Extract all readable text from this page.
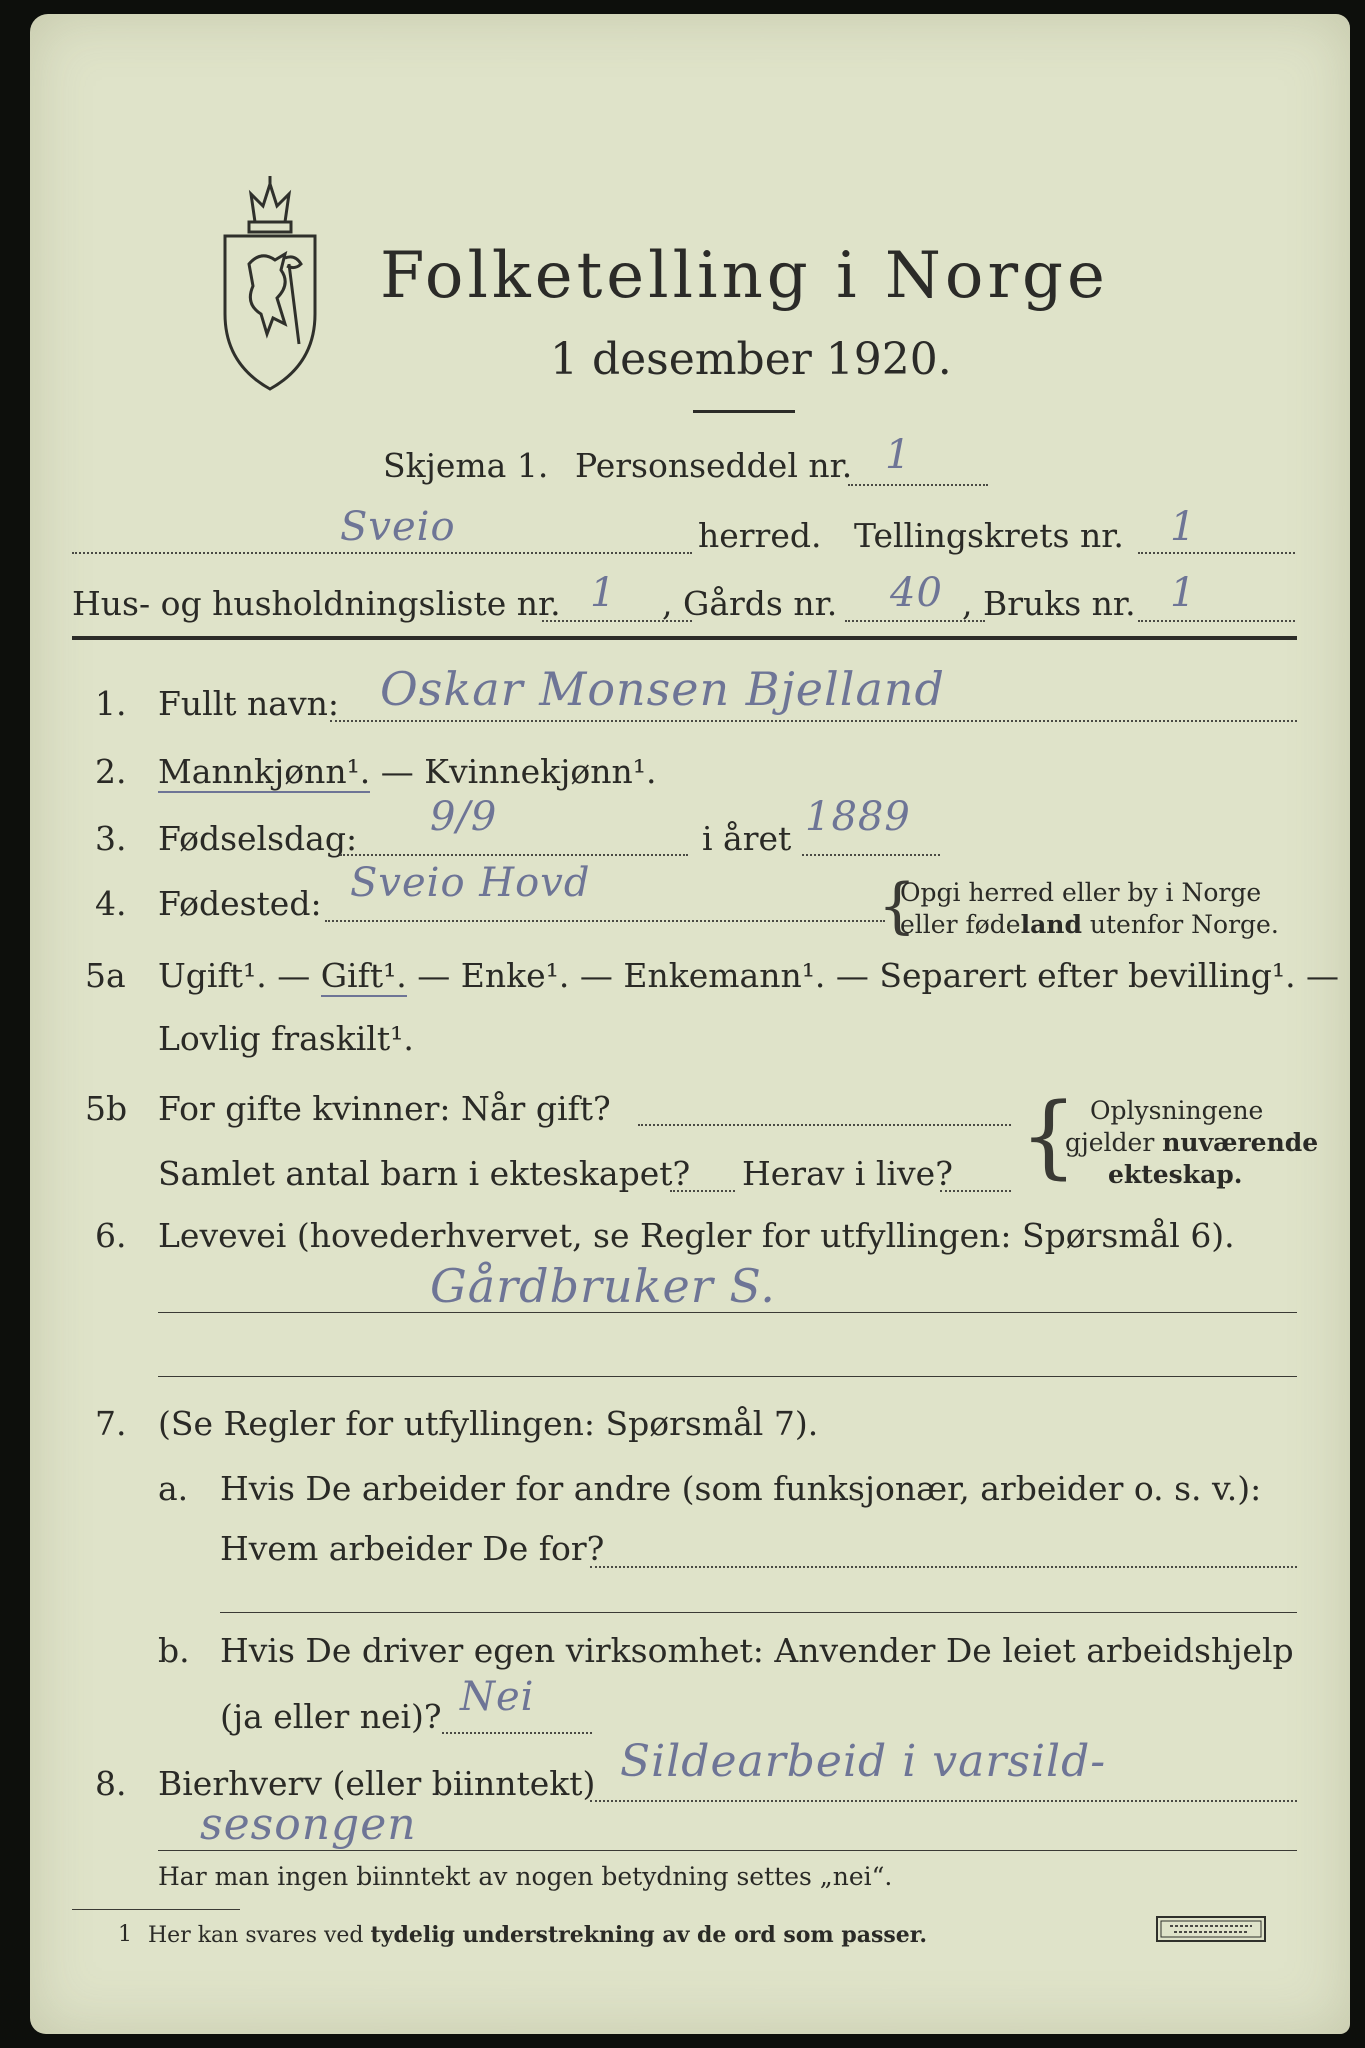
Folketelling i Norge
1 desember 1920.
Skjema 1. Personseddel nr. 1
Sveio	herred. Tellingskrets nr. 1
Hus- og husholdningsliste nr. 1 , Gårds nr. 40 , Bruks nr. 1
1. Fullt navn: Oskar Monsen Bjelland
2. Mannkjønn¹. — Kvinnekjønn¹.
3. Fødselsdag: 9/9	i året 1889
4. Fødested: Sveio Hovd	{
Opgi herred eller by i Norge
eller fødeland utenfor Norge.
5a Ugift¹. — Gift¹. — Enke¹. — Enkemann¹. — Separert efter bevilling¹. —
Lovlig fraskilt¹.
5b For gifte kvinner: Når gift?
Samlet antal barn i ekteskapet? Herav i live? { Oplysningene
gjelder nuværende
ekteskap.
6. Levevei (hovederhvervet, se Regler for utfyllingen: Spørsmål 6).
Gårdbruker S.
7. (Se Regler for utfyllingen: Spørsmål 7).
a. Hvis De arbeider for andre (som funksjonær, arbeider o. s. v.):
Hvem arbeider De for?
b. Hvis De driver egen virksomhet: Anvender De leiet arbeidshjelp
(ja eller nei)? Nei
8. Bierhverv (eller biinntekt) Sildearbeid i varsild-
sesongen
Har man ingen biinntekt av nogen betydning settes „nei“.
1 Her kan svares ved tydelig understrekning av de ord som passer.
